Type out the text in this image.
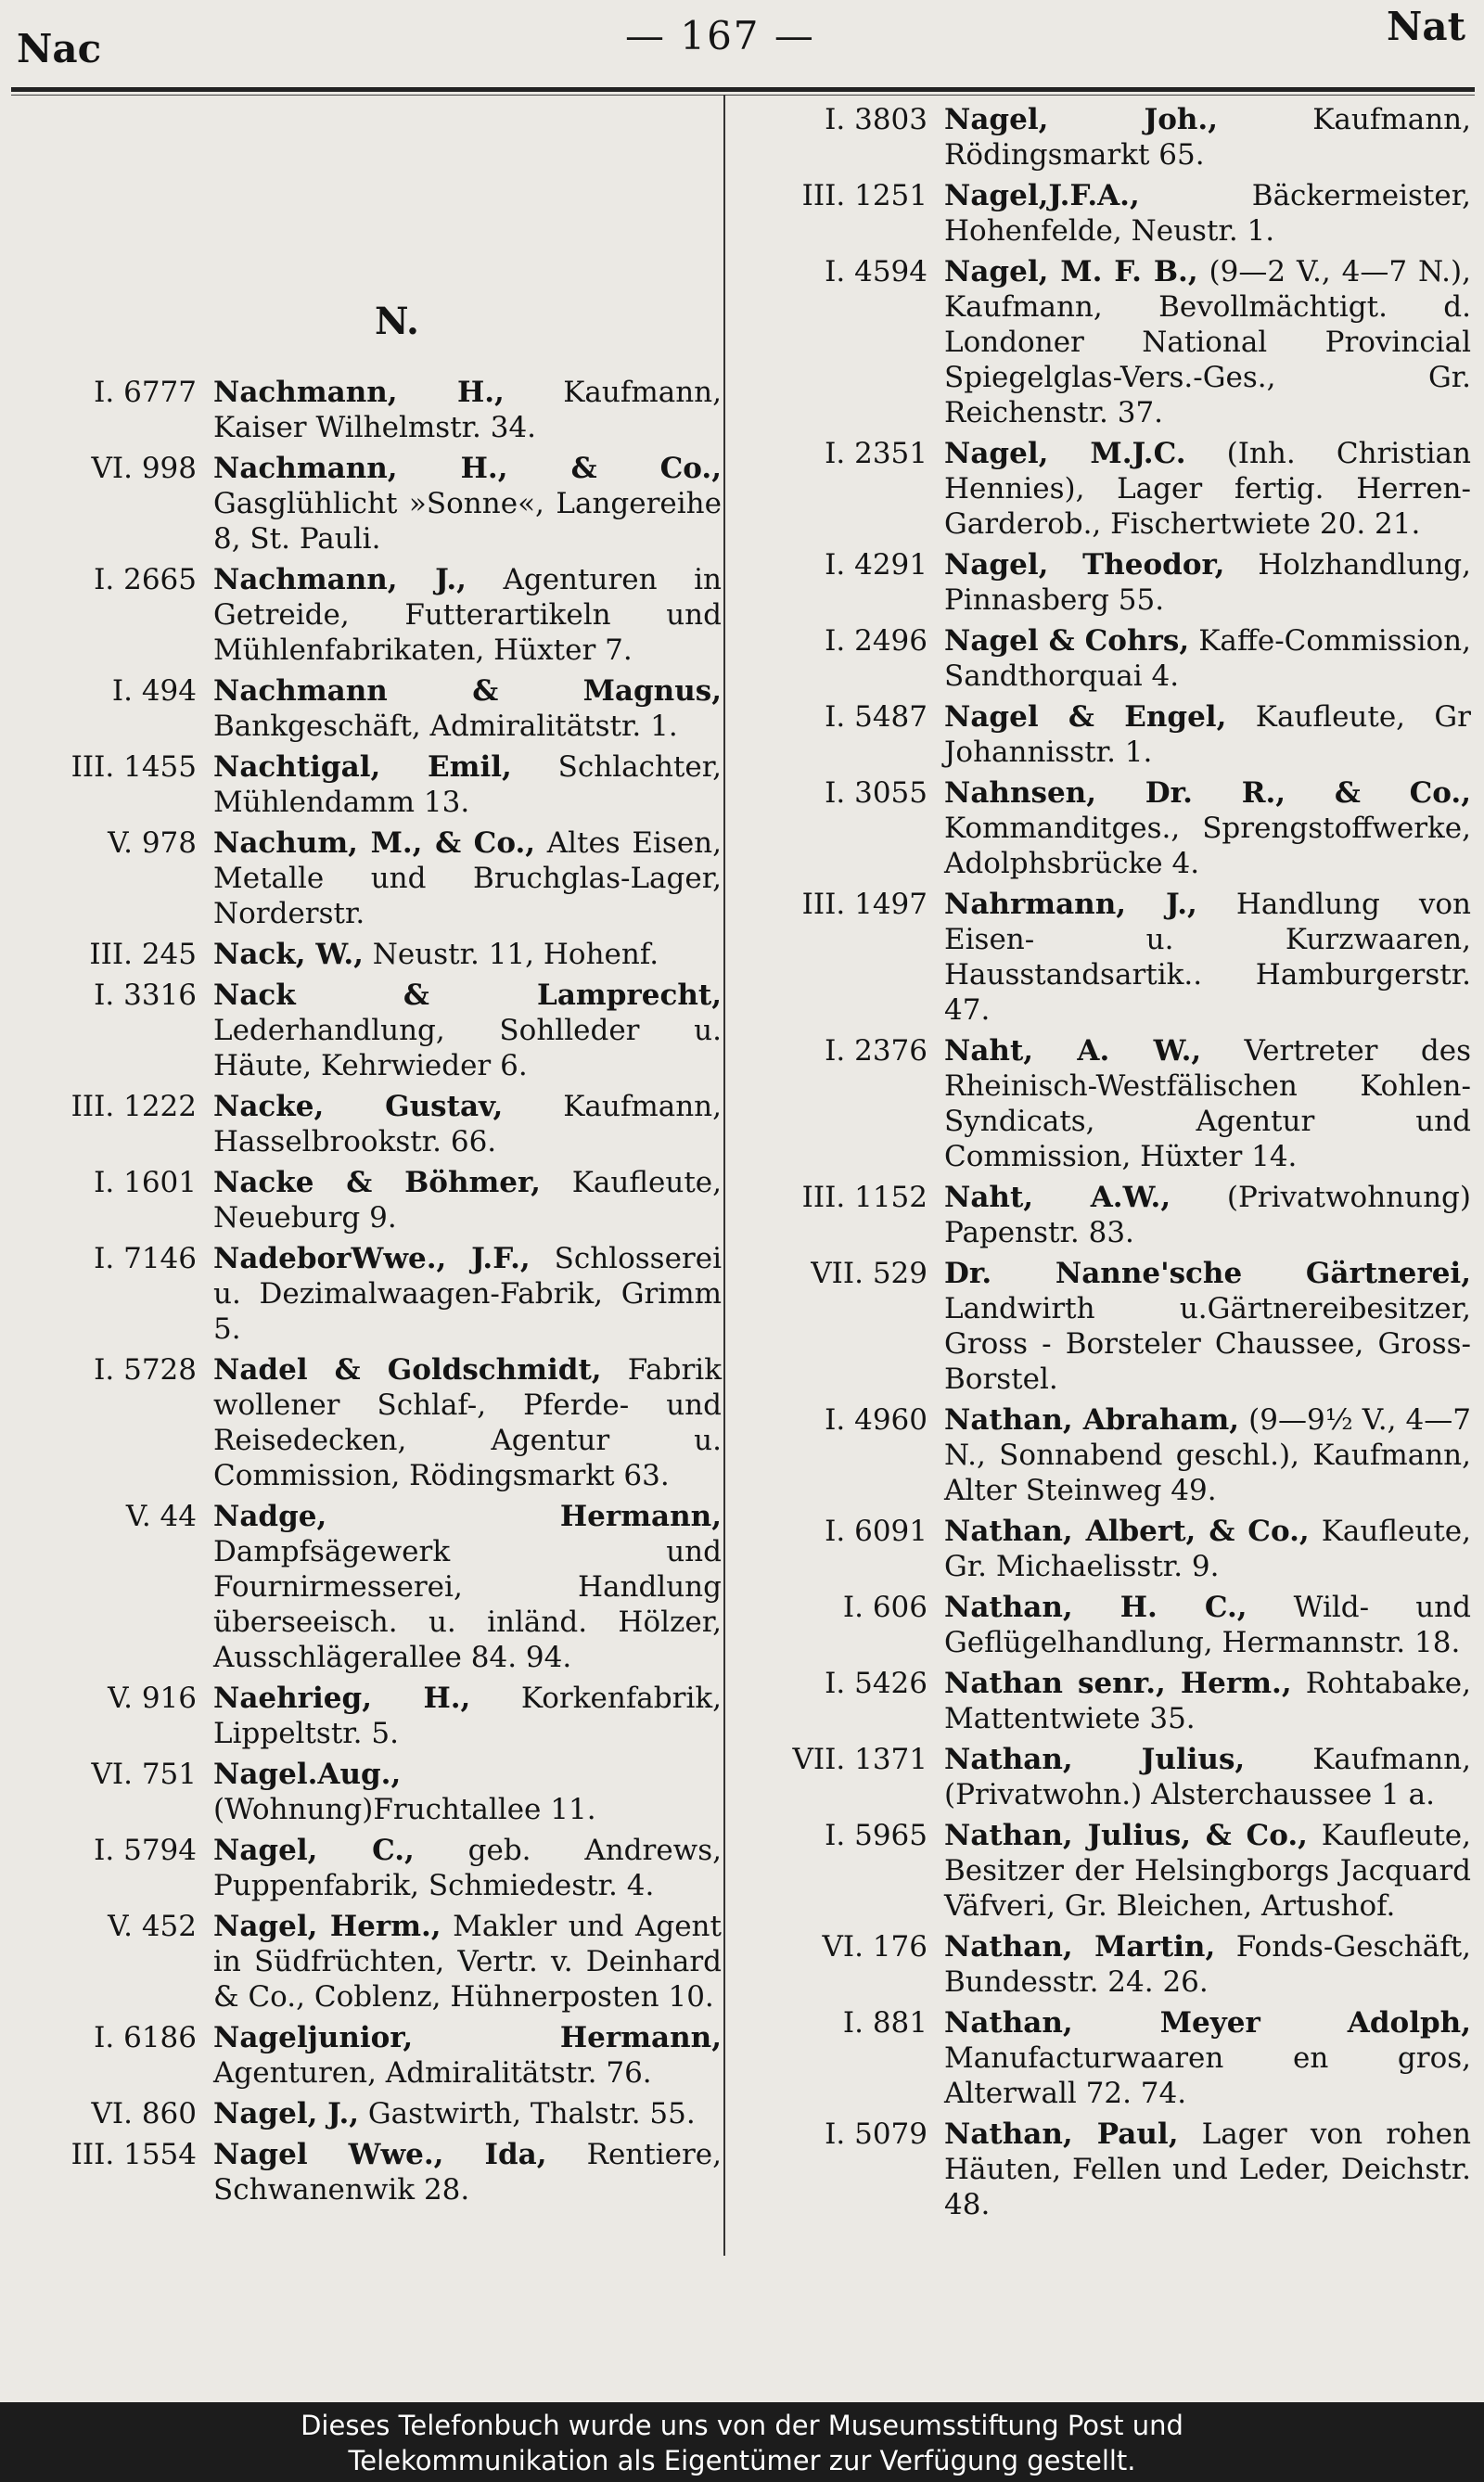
Nac	— 167 —	Nat
N.
I. 6777 Nachmann, H., Kaufmann, Kaiser Wilhelmstr. 34.
VI. 998 Nachmann, H., & Co., Gasglühlicht »Sonne«, Langereihe 8, St. Pauli.
I. 2665 Nachmann, J., Agenturen in Getreide, Futterartikeln und Mühlenfabrikaten, Hüxter 7.
I. 494 Nachmann & Magnus, Bankgeschäft, Admiralitätstr. 1.
III. 1455 Nachtigal, Emil, Schlachter, Mühlendamm 13.
V. 978 Nachum, M., & Co., Altes Eisen, Metalle und Bruchglas-Lager, Norderstr.
III. 245 Nack, W., Neustr. 11, Hohenf.
I. 3316 Nack & Lamprecht, Lederhandlung, Sohlleder u. Häute, Kehrwieder 6.
III. 1222 Nacke, Gustav, Kaufmann, Hasselbrookstr. 66.
I. 1601 Nacke & Böhmer, Kaufleute, Neueburg 9.
I. 7146 NadeborWwe., J.F., Schlosserei u. Dezimalwaagen-Fabrik, Grimm 5.
I. 5728 Nadel & Goldschmidt, Fabrik wollener Schlaf-, Pferde- und Reisedecken, Agentur u. Commission, Rödingsmarkt 63.
V. 44 Nadge, Hermann, Dampfsägewerk und Fournirmesserei, Handlung überseeisch. u. inländ. Hölzer, Ausschlägerallee 84. 94.
V. 916 Naehrieg, H., Korkenfabrik, Lippeltstr. 5.
VI. 751 Nagel.Aug.,(Wohnung)Fruchtallee 11.
I. 5794 Nagel, C., geb. Andrews, Puppenfabrik, Schmiedestr. 4.
V. 452 Nagel, Herm., Makler und Agent in Südfrüchten, Vertr. v. Deinhard & Co., Coblenz, Hühnerposten 10.
I. 6186 Nageljunior, Hermann, Agenturen, Admiralitätstr. 76.
VI. 860 Nagel, J., Gastwirth, Thalstr. 55.
III. 1554 Nagel Wwe., Ida, Rentiere, Schwanenwik 28.
I. 3803 Nagel, Joh., Kaufmann, Rödingsmarkt 65.
III. 1251 Nagel,J.F.A., Bäckermeister, Hohenfelde, Neustr. 1.
I. 4594 Nagel, M. F. B., (9—2 V., 4—7 N.), Kaufmann, Bevollmächtigt. d. Londoner National Provincial Spiegelglas-Vers.-Ges., Gr. Reichenstr. 37.
I. 2351 Nagel, M.J.C. (Inh. Christian Hennies), Lager fertig. Herren-Garderob., Fischertwiete 20. 21.
I. 4291 Nagel, Theodor, Holzhandlung, Pinnasberg 55.
I. 2496 Nagel & Cohrs, Kaffe-Commission, Sandthorquai 4.
I. 5487 Nagel & Engel, Kaufleute, Gr Johannisstr. 1.
I. 3055 Nahnsen, Dr. R., & Co., Kommanditges., Sprengstoffwerke, Adolphsbrücke 4.
III. 1497 Nahrmann, J., Handlung von Eisen- u. Kurzwaaren, Hausstandsartik.. Hamburgerstr. 47.
I. 2376 Naht, A. W., Vertreter des Rheinisch-Westfälischen Kohlen-Syndicats, Agentur und Commission, Hüxter 14.
III. 1152 Naht, A.W., (Privatwohnung) Papenstr. 83.
VII. 529 Dr. Nanne'sche Gärtnerei, Landwirth u.Gärtnereibesitzer, Gross - Borsteler Chaussee, Gross-Borstel.
I. 4960 Nathan, Abraham, (9—9½ V., 4—7 N., Sonnabend geschl.), Kaufmann, Alter Steinweg 49.
I. 6091 Nathan, Albert, & Co., Kaufleute, Gr. Michaelisstr. 9.
I. 606 Nathan, H. C., Wild- und Geflügelhandlung, Hermannstr. 18.
I. 5426 Nathan senr., Herm., Rohtabake, Mattentwiete 35.
VII. 1371 Nathan, Julius, Kaufmann, (Privatwohn.) Alsterchaussee 1 a.
I. 5965 Nathan, Julius, & Co., Kaufleute, Besitzer der Helsingborgs Jacquard Väfveri, Gr. Bleichen, Artushof.
VI. 176 Nathan, Martin, Fonds-Geschäft, Bundesstr. 24. 26.
I. 881 Nathan, Meyer Adolph, Manufacturwaaren en gros, Alterwall 72. 74.
I. 5079 Nathan, Paul, Lager von rohen Häuten, Fellen und Leder, Deichstr. 48.

Dieses Telefonbuch wurde uns von der Museumsstiftung Post und

Telekommunikation als Eigentümer zur Verfügung gestellt.
